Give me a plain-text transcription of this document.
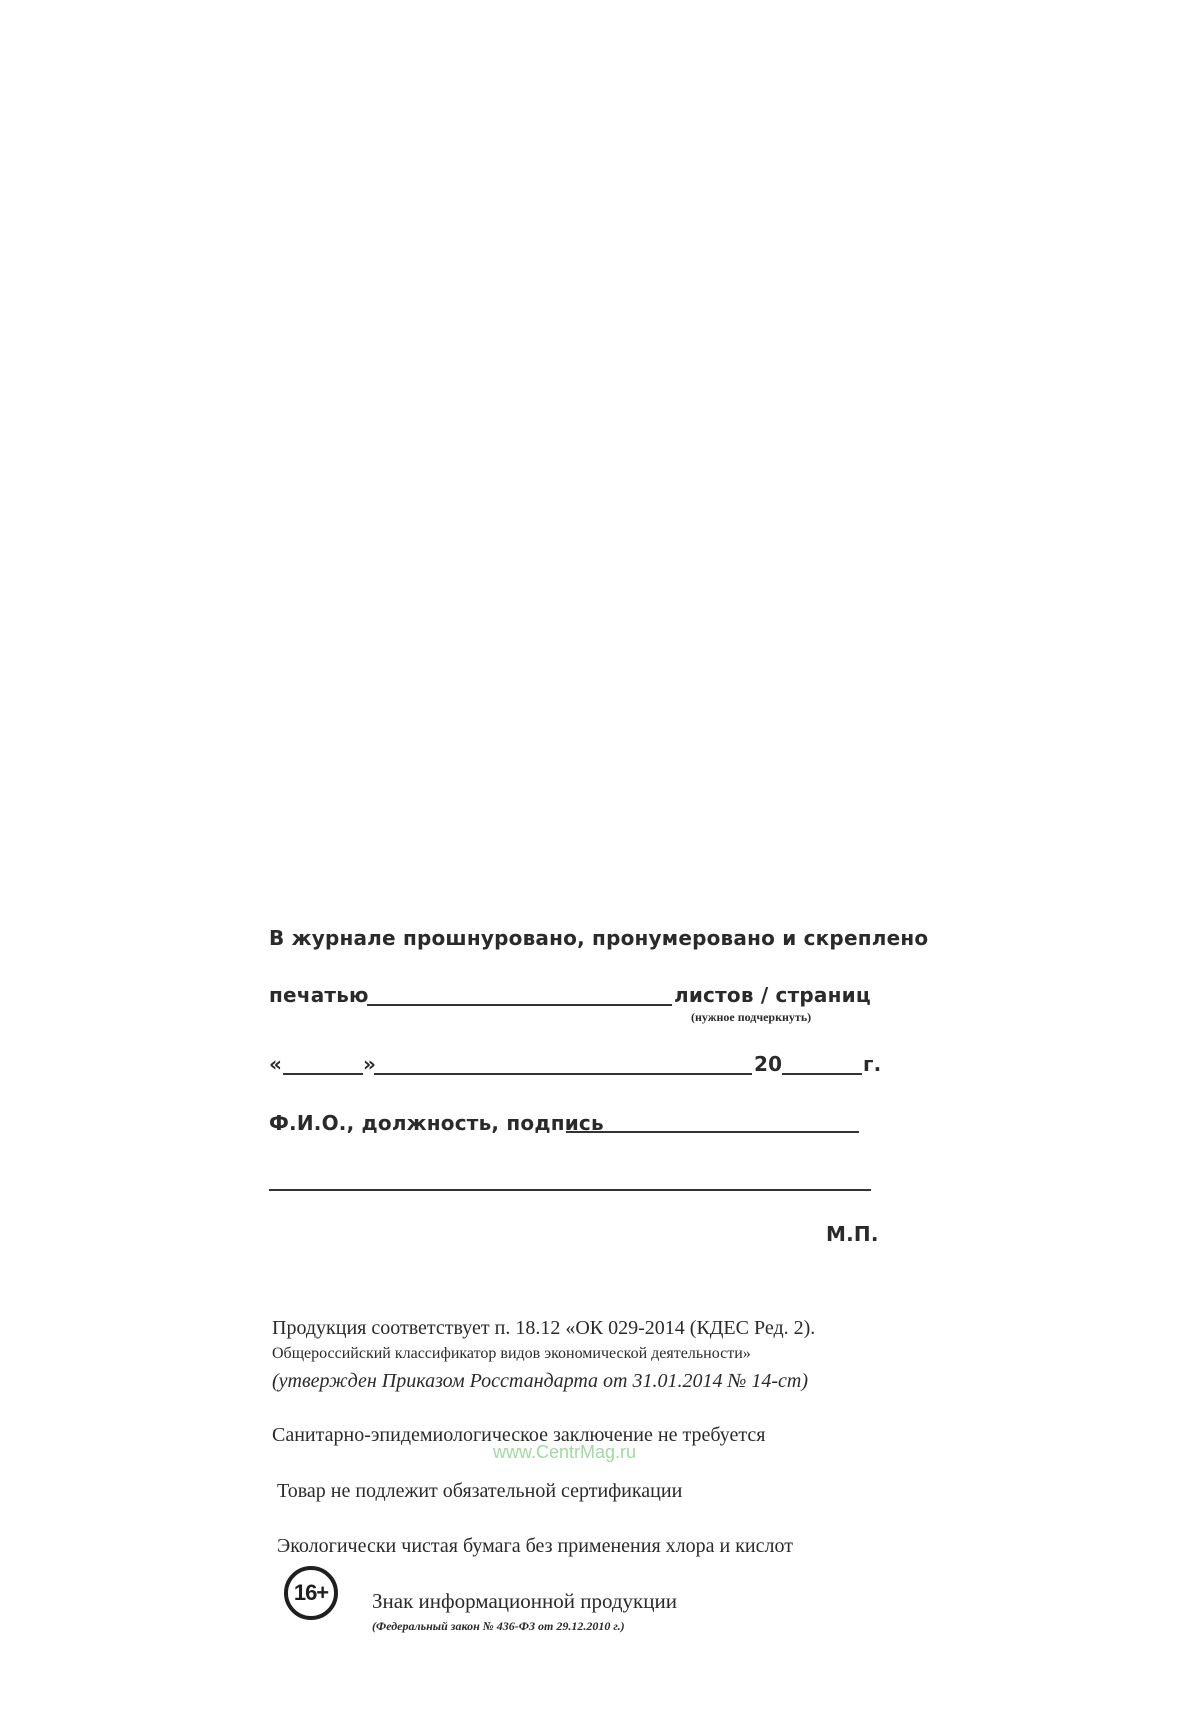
В журнале прошнуровано, пронумеровано и скреплено
печатью	листов / страниц
(нужное подчеркнуть)
«	»	20	г.
Ф.И.О., должность, подпись
М.П.
Продукция соответствует п. 18.12 «ОК 029-2014 (КДЕС Ред. 2).
Общероссийский классификатор видов экономической деятельности»
(утвержден Приказом Росстандарта от 31.01.2014 № 14-ст)
Санитарно-эпидемиологическое заключение не требуется
Товар не подлежит обязательной сертификации
Экологически чистая бумага без применения хлора и кислот
16+ Знак информационной продукции
(Федеральный закон № 436-ФЗ от 29.12.2010 г.)
www.CentrMag.ru
